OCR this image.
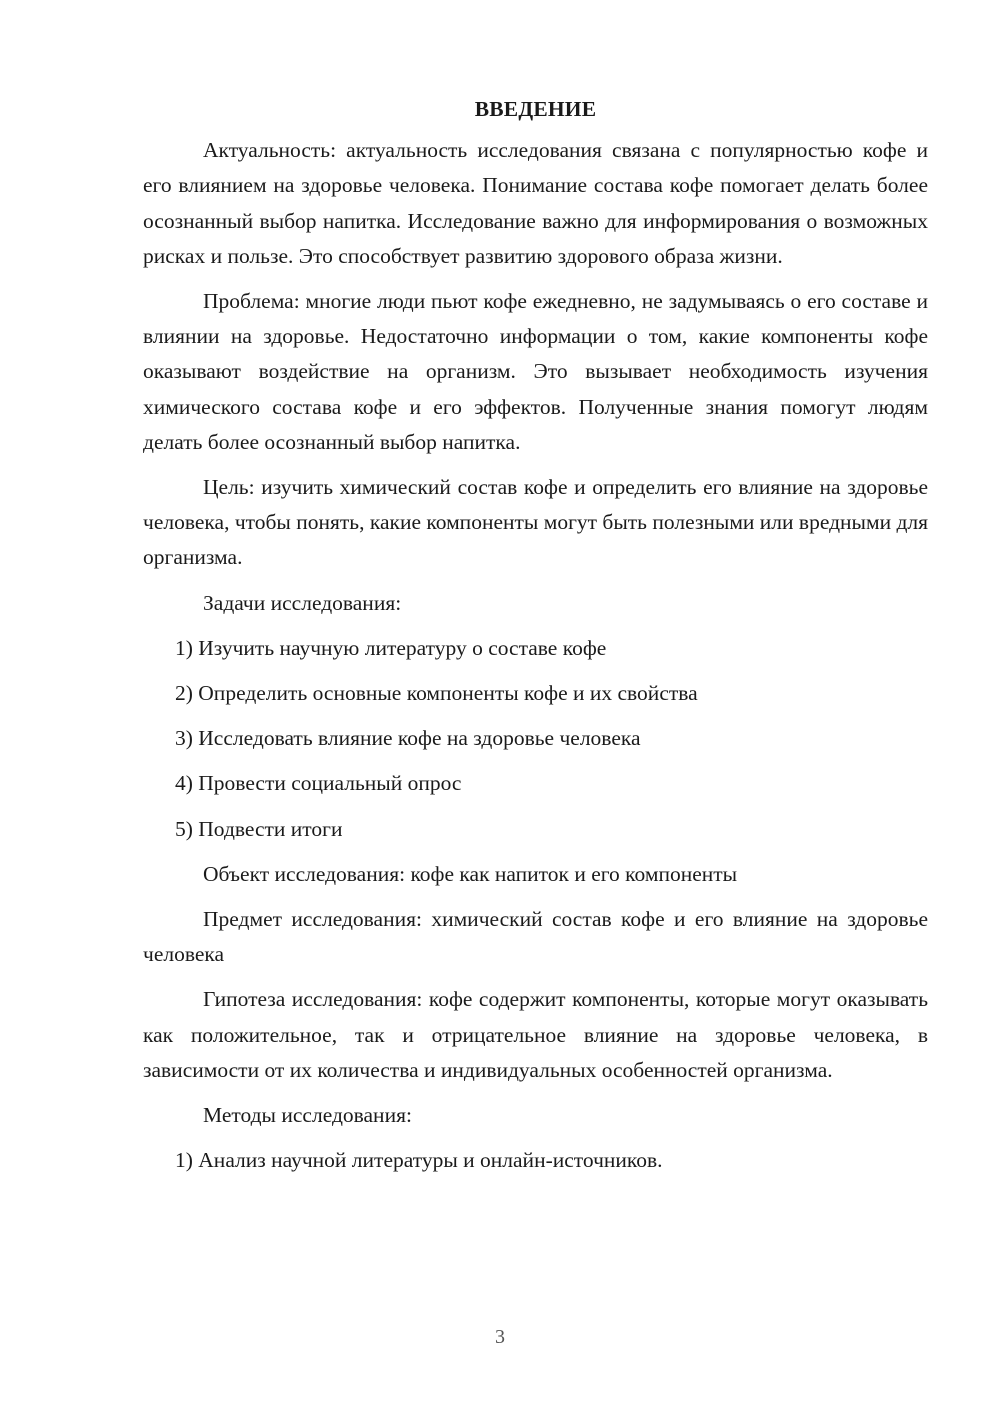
ВВЕДЕНИЕ

Актуальность: актуальность исследования связана с популярностью кофе и его влиянием на здоровье человека. Понимание состава кофе помогает делать более осознанный выбор напитка. Исследование важно для информирования о возможных рисках и пользе. Это способствует развитию здорового образа жизни.

Проблема: многие люди пьют кофе ежедневно, не задумываясь о его составе и влиянии на здоровье. Недостаточно информации о том, какие компоненты кофе оказывают воздействие на организм. Это вызывает необходимость изучения химического состава кофе и его эффектов. Полученные знания помогут людям делать более осознанный выбор напитка.

Цель: изучить химический состав кофе и определить его влияние на здоровье человека, чтобы понять, какие компоненты могут быть полезными или вредными для организма.

Задачи исследования:

1) Изучить научную литературу о составе кофе

2) Определить основные компоненты кофе и их свойства

3) Исследовать влияние кофе на здоровье человека

4) Провести социальный опрос

5) Подвести итоги

Объект исследования: кофе как напиток и его компоненты

Предмет исследования: химический состав кофе и его влияние на здоровье человека

Гипотеза исследования: кофе содержит компоненты, которые могут оказывать как положительное, так и отрицательное влияние на здоровье человека, в зависимости от их количества и индивидуальных особенностей организма.

Методы исследования:

1) Анализ научной литературы и онлайн-источников.

3
